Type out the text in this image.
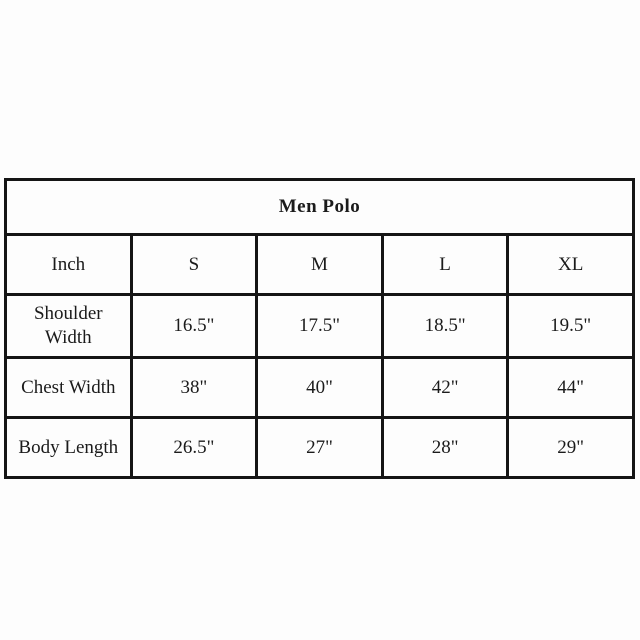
Men Polo				
Inch	S	M	L	XL
Shoulder Width	16.5"	17.5"	18.5"	19.5"
Chest Width	38"	40"	42"	44"
Body Length	26.5"	27"	28"	29"
